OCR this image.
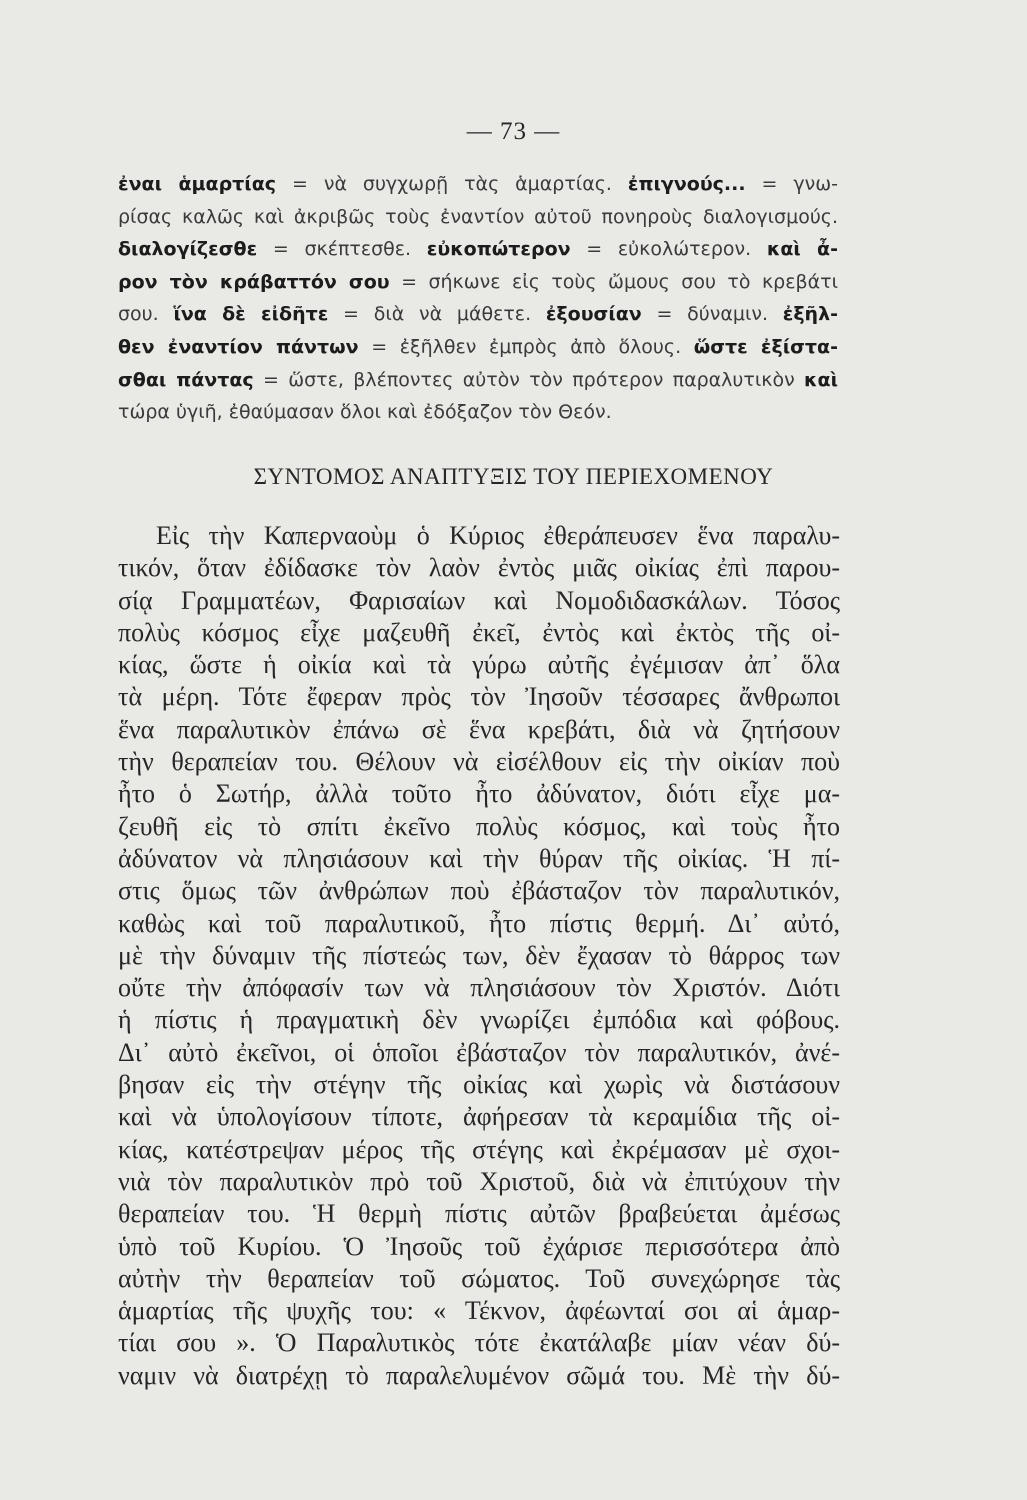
— 73 —
ἐναι ἁμαρτίας = νὰ συγχωρῇ τὰς ἁμαρτίας. ἐπιγνούς... = γνω-
ρίσας καλῶς καὶ ἀκριβῶς τοὺς ἐναντίον αὐτοῦ πονηροὺς διαλογισμούς.
διαλογίζεσθε = σκέπτεσθε. εὐκοπώτερον = εὐκολώτερον. καὶ ἆ-
ρον τὸν κράβαττόν σου = σήκωνε εἰς τοὺς ὤμους σου τὸ κρεβάτι
σου. ἵνα δὲ εἰδῆτε = διὰ νὰ μάθετε. ἐξουσίαν = δύναμιν. ἐξῆλ-
θεν ἐναντίον πάντων = ἐξῆλθεν ἐμπρὸς ἀπὸ ὅλους. ὥστε ἐξίστα-
σθαι πάντας = ὥστε, βλέποντες αὐτὸν τὸν πρότερον παραλυτικὸν καὶ
τώρα ὑγιῆ, ἐθαύμασαν ὅλοι καὶ ἐδόξαζον τὸν Θεόν.
ΣΥΝΤΟΜΟΣ ΑΝΑΠΤΥΞΙΣ ΤΟΥ ΠΕΡΙΕΧΟΜΕΝΟΥ
Εἰς τὴν Καπερναοὺμ ὁ Κύριος ἐθεράπευσεν ἕνα παραλυ-
τικόν, ὅταν ἐδίδασκε τὸν λαὸν ἐντὸς μιᾶς οἰκίας ἐπὶ παρου-
σίᾳ Γραμματέων, Φαρισαίων καὶ Νομοδιδασκάλων. Τόσος
πολὺς κόσμος εἶχε μαζευθῆ ἐκεῖ, ἐντὸς καὶ ἐκτὸς τῆς οἰ-
κίας, ὥστε ἡ οἰκία καὶ τὰ γύρω αὐτῆς ἐγέμισαν ἀπ᾽ ὅλα
τὰ μέρη. Τότε ἔφεραν πρὸς τὸν Ἰησοῦν τέσσαρες ἄνθρωποι
ἕνα παραλυτικὸν ἐπάνω σὲ ἕνα κρεβάτι, διὰ νὰ ζητήσουν
τὴν θεραπείαν του. Θέλουν νὰ εἰσέλθουν εἰς τὴν οἰκίαν ποὺ
ἦτο ὁ Σωτήρ, ἀλλὰ τοῦτο ἦτο ἀδύνατον, διότι εἶχε μα-
ζευθῆ εἰς τὸ σπίτι ἐκεῖνο πολὺς κόσμος, καὶ τοὺς ἦτο
ἀδύνατον νὰ πλησιάσουν καὶ τὴν θύραν τῆς οἰκίας. Ἡ πί-
στις ὅμως τῶν ἀνθρώπων ποὺ ἐβάσταζον τὸν παραλυτικόν,
καθὼς καὶ τοῦ παραλυτικοῦ, ἦτο πίστις θερμή. Δι᾽ αὐτό,
μὲ τὴν δύναμιν τῆς πίστεώς των, δὲν ἔχασαν τὸ θάρρος των
οὔτε τὴν ἀπόφασίν των νὰ πλησιάσουν τὸν Χριστόν. Διότι
ἡ πίστις ἡ πραγματικὴ δὲν γνωρίζει ἐμπόδια καὶ φόβους.
Δι᾽ αὐτὸ ἐκεῖνοι, οἱ ὁποῖοι ἐβάσταζον τὸν παραλυτικόν, ἀνέ-
βησαν εἰς τὴν στέγην τῆς οἰκίας καὶ χωρὶς νὰ διστάσουν
καὶ νὰ ὑπολογίσουν τίποτε, ἀφήρεσαν τὰ κεραμίδια τῆς οἰ-
κίας, κατέστρεψαν μέρος τῆς στέγης καὶ ἐκρέμασαν μὲ σχοι-
νιὰ τὸν παραλυτικὸν πρὸ τοῦ Χριστοῦ, διὰ νὰ ἐπιτύχουν τὴν
θεραπείαν του. Ἡ θερμὴ πίστις αὐτῶν βραβεύεται ἀμέσως
ὑπὸ τοῦ Κυρίου. Ὁ Ἰησοῦς τοῦ ἐχάρισε περισσότερα ἀπὸ
αὐτὴν τὴν θεραπείαν τοῦ σώματος. Τοῦ συνεχώρησε τὰς
ἁμαρτίας τῆς ψυχῆς του: « Τέκνον, ἀφέωνταί σοι αἱ ἁμαρ-
τίαι σου ». Ὁ Παραλυτικὸς τότε ἐκατάλαβε μίαν νέαν δύ-
ναμιν νὰ διατρέχῃ τὸ παραλελυμένον σῶμά του. Μὲ τὴν δύ-
